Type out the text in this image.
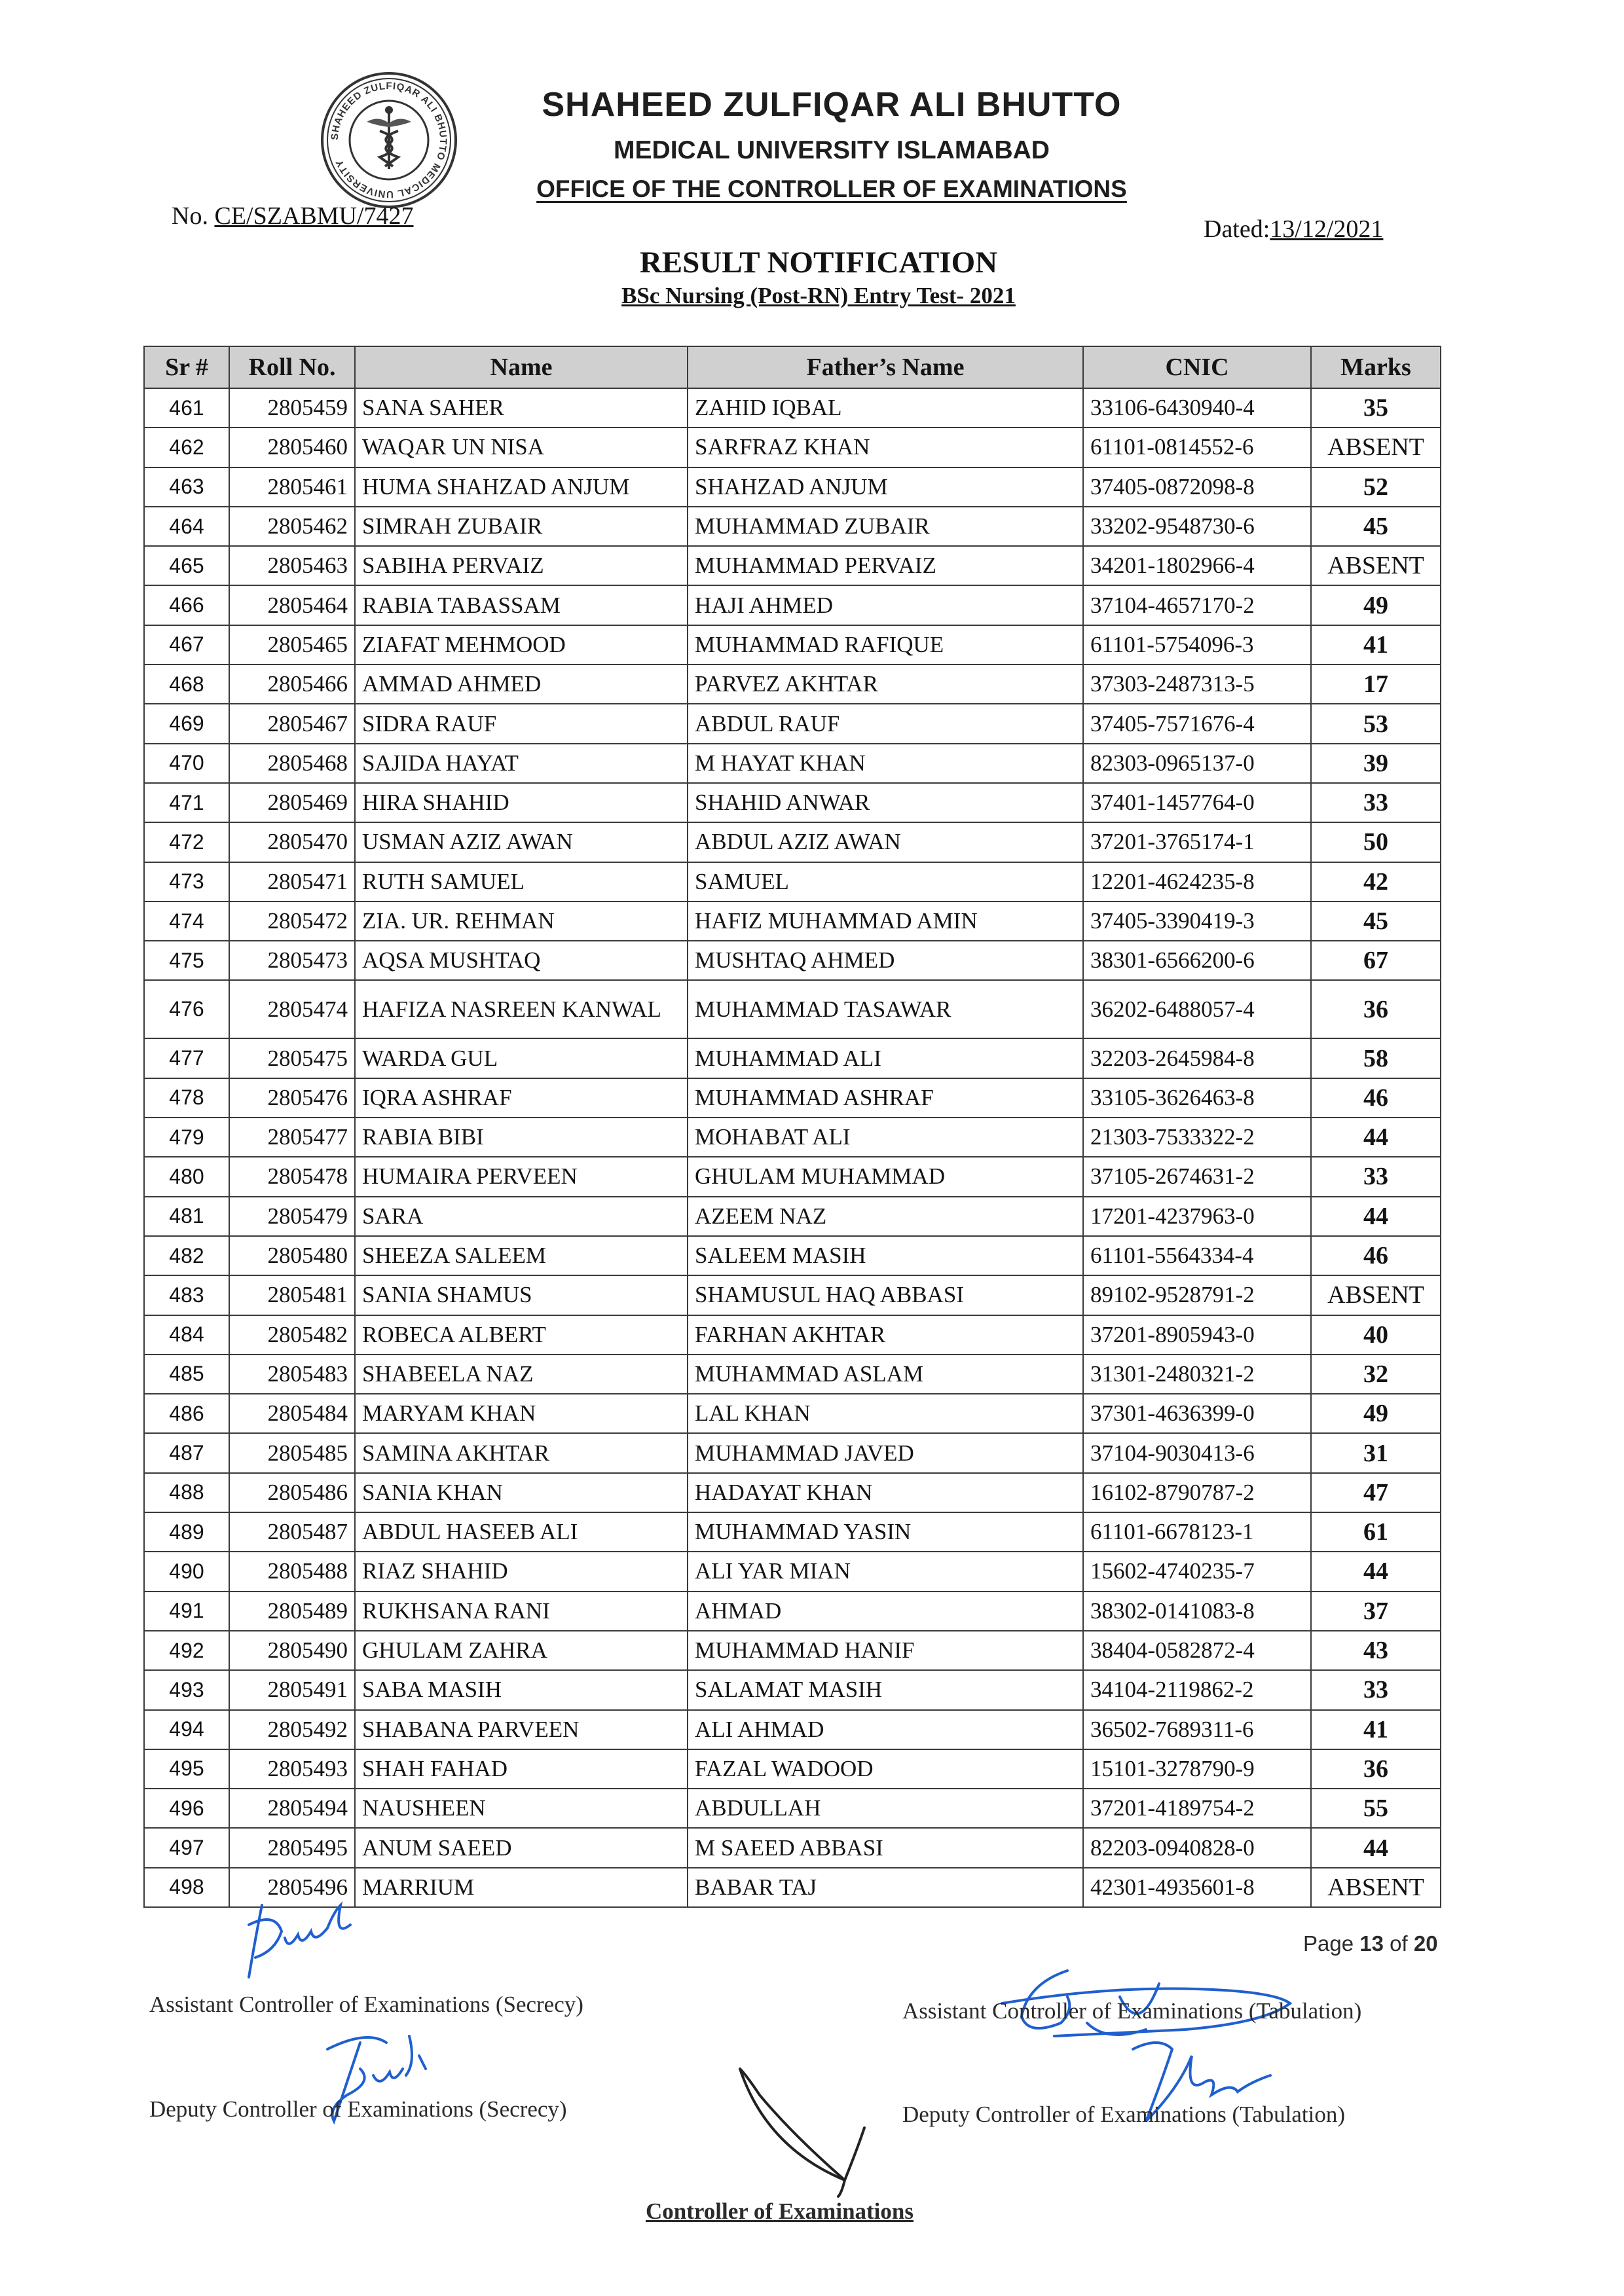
SHAHEED ZULFIQAR ALI BHUTTO MEDICAL UNIVERSITY
SHAHEED ZULFIQAR ALI BHUTTO
MEDICAL UNIVERSITY ISLAMABAD
OFFICE OF THE CONTROLLER OF EXAMINATIONS
No. CE/SZABMU/7427	Dated:13/12/2021
RESULT NOTIFICATION
BSc Nursing (Post-RN) Entry Test- 2021
Sr #	Roll No.	Name	Father’s Name	CNIC	Marks
461	2805459	SANA SAHER	ZAHID IQBAL	33106-6430940-4	35
462	2805460	WAQAR UN NISA	SARFRAZ KHAN	61101-0814552-6	ABSENT
463	2805461	HUMA SHAHZAD ANJUM	SHAHZAD ANJUM	37405-0872098-8	52
464	2805462	SIMRAH ZUBAIR	MUHAMMAD ZUBAIR	33202-9548730-6	45
465	2805463	SABIHA PERVAIZ	MUHAMMAD PERVAIZ	34201-1802966-4	ABSENT
466	2805464	RABIA TABASSAM	HAJI AHMED	37104-4657170-2	49
467	2805465	ZIAFAT MEHMOOD	MUHAMMAD RAFIQUE	61101-5754096-3	41
468	2805466	AMMAD AHMED	PARVEZ AKHTAR	37303-2487313-5	17
469	2805467	SIDRA RAUF	ABDUL RAUF	37405-7571676-4	53
470	2805468	SAJIDA HAYAT	M HAYAT KHAN	82303-0965137-0	39
471	2805469	HIRA SHAHID	SHAHID ANWAR	37401-1457764-0	33
472	2805470	USMAN AZIZ AWAN	ABDUL AZIZ AWAN	37201-3765174-1	50
473	2805471	RUTH SAMUEL	SAMUEL	12201-4624235-8	42
474	2805472	ZIA. UR. REHMAN	HAFIZ MUHAMMAD AMIN	37405-3390419-3	45
475	2805473	AQSA MUSHTAQ	MUSHTAQ AHMED	38301-6566200-6	67
476	2805474	HAFIZA NASREEN KANWAL	MUHAMMAD TASAWAR	36202-6488057-4	36
477	2805475	WARDA GUL	MUHAMMAD ALI	32203-2645984-8	58
478	2805476	IQRA ASHRAF	MUHAMMAD ASHRAF	33105-3626463-8	46
479	2805477	RABIA BIBI	MOHABAT ALI	21303-7533322-2	44
480	2805478	HUMAIRA PERVEEN	GHULAM MUHAMMAD	37105-2674631-2	33
481	2805479	SARA	AZEEM NAZ	17201-4237963-0	44
482	2805480	SHEEZA SALEEM	SALEEM MASIH	61101-5564334-4	46
483	2805481	SANIA SHAMUS	SHAMUSUL HAQ ABBASI	89102-9528791-2	ABSENT
484	2805482	ROBECA ALBERT	FARHAN AKHTAR	37201-8905943-0	40
485	2805483	SHABEELA NAZ	MUHAMMAD ASLAM	31301-2480321-2	32
486	2805484	MARYAM KHAN	LAL KHAN	37301-4636399-0	49
487	2805485	SAMINA AKHTAR	MUHAMMAD JAVED	37104-9030413-6	31
488	2805486	SANIA KHAN	HADAYAT KHAN	16102-8790787-2	47
489	2805487	ABDUL HASEEB ALI	MUHAMMAD YASIN	61101-6678123-1	61
490	2805488	RIAZ SHAHID	ALI YAR MIAN	15602-4740235-7	44
491	2805489	RUKHSANA RANI	AHMAD	38302-0141083-8	37
492	2805490	GHULAM ZAHRA	MUHAMMAD HANIF	38404-0582872-4	43
493	2805491	SABA MASIH	SALAMAT MASIH	34104-2119862-2	33
494	2805492	SHABANA PARVEEN	ALI AHMAD	36502-7689311-6	41
495	2805493	SHAH FAHAD	FAZAL WADOOD	15101-3278790-9	36
496	2805494	NAUSHEEN	ABDULLAH	37201-4189754-2	55
497	2805495	ANUM SAEED	M SAEED ABBASI	82203-0940828-0	44
498	2805496	MARRIUM	BABAR TAJ	42301-4935601-8	ABSENT
Page 13 of 20
Assistant Controller of Examinations (Secrecy)	Assistant Controller of Examinations (Tabulation)
Deputy Controller of Examinations (Secrecy)	Deputy Controller of Examinations (Tabulation)
Controller of Examinations
